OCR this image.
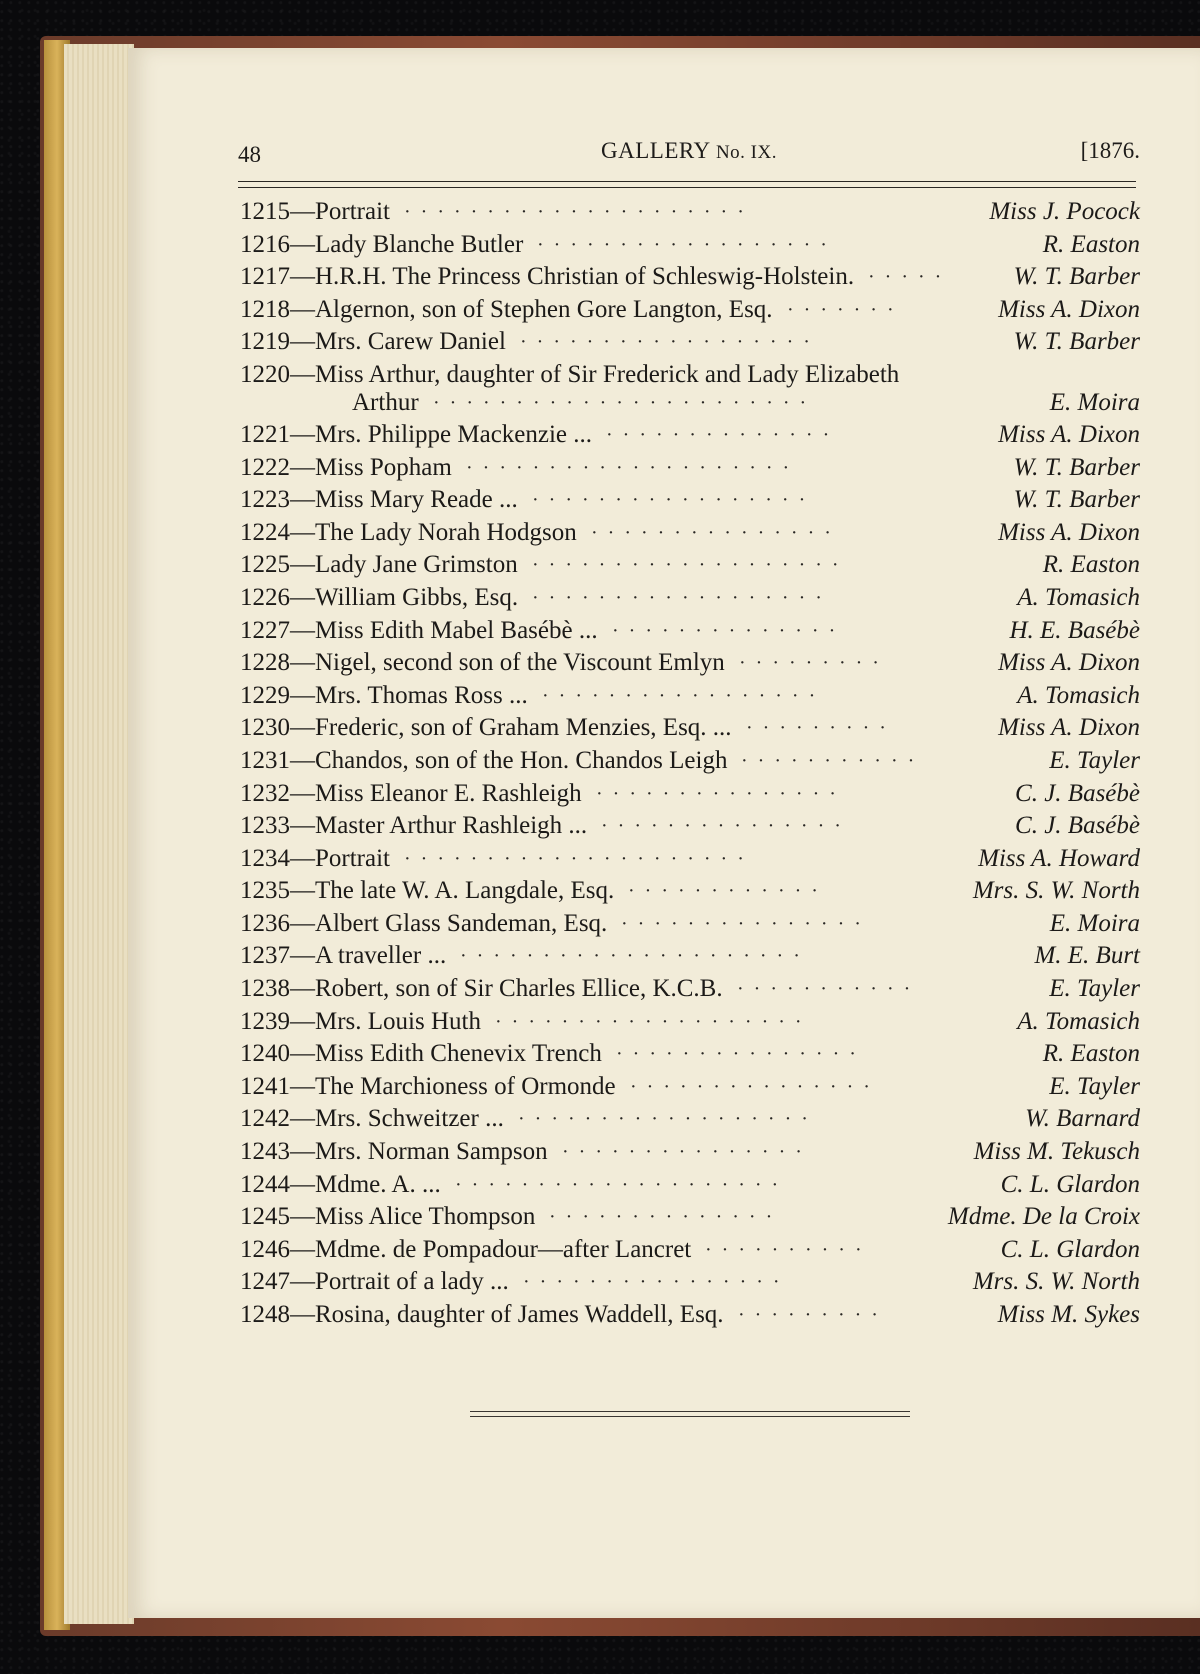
48	GALLERY No. IX.	[1876.
1215—Portrait ·····················	Miss J. Pocock
1216—Lady Blanche Butler ··················	R. Easton
1217—H.R.H. The Princess Christian of Schleswig-Holstein. ·····	W. T. Barber
1218—Algernon, son of Stephen Gore Langton, Esq. ·······	Miss A. Dixon
1219—Mrs. Carew Daniel ··················	W. T. Barber
1220—Miss Arthur, daughter of Sir Frederick and Lady Elizabeth
Arthur ·······················	E. Moira
1221—Mrs. Philippe Mackenzie ... ··············	Miss A. Dixon
1222—Miss Popham ····················	W. T. Barber
1223—Miss Mary Reade ... ·················	W. T. Barber
1224—The Lady Norah Hodgson ···············	Miss A. Dixon
1225—Lady Jane Grimston ···················	R. Easton
1226—William Gibbs, Esq. ··················	A. Tomasich
1227—Miss Edith Mabel Basébè ... ··············	H. E. Basébè
1228—Nigel, second son of the Viscount Emlyn ·········	Miss A. Dixon
1229—Mrs. Thomas Ross ... ·················	A. Tomasich
1230—Frederic, son of Graham Menzies, Esq. ... ·········	Miss A. Dixon
1231—Chandos, son of the Hon. Chandos Leigh ···········	E. Tayler
1232—Miss Eleanor E. Rashleigh ···············	C. J. Basébè
1233—Master Arthur Rashleigh ... ···············	C. J. Basébè
1234—Portrait ·····················	Miss A. Howard
1235—The late W. A. Langdale, Esq. ············	Mrs. S. W. North
1236—Albert Glass Sandeman, Esq. ···············	E. Moira
1237—A traveller ... ·····················	M. E. Burt
1238—Robert, son of Sir Charles Ellice, K.C.B. ···········	E. Tayler
1239—Mrs. Louis Huth ···················	A. Tomasich
1240—Miss Edith Chenevix Trench ···············	R. Easton
1241—The Marchioness of Ormonde ···············	E. Tayler
1242—Mrs. Schweitzer ... ··················	W. Barnard
1243—Mrs. Norman Sampson ···············	Miss M. Tekusch
1244—Mdme. A. ... ····················	C. L. Glardon
1245—Miss Alice Thompson ··············	Mdme. De la Croix
1246—Mdme. de Pompadour—after Lancret ··········	C. L. Glardon
1247—Portrait of a lady ... ················	Mrs. S. W. North
1248—Rosina, daughter of James Waddell, Esq. ·········	Miss M. Sykes
